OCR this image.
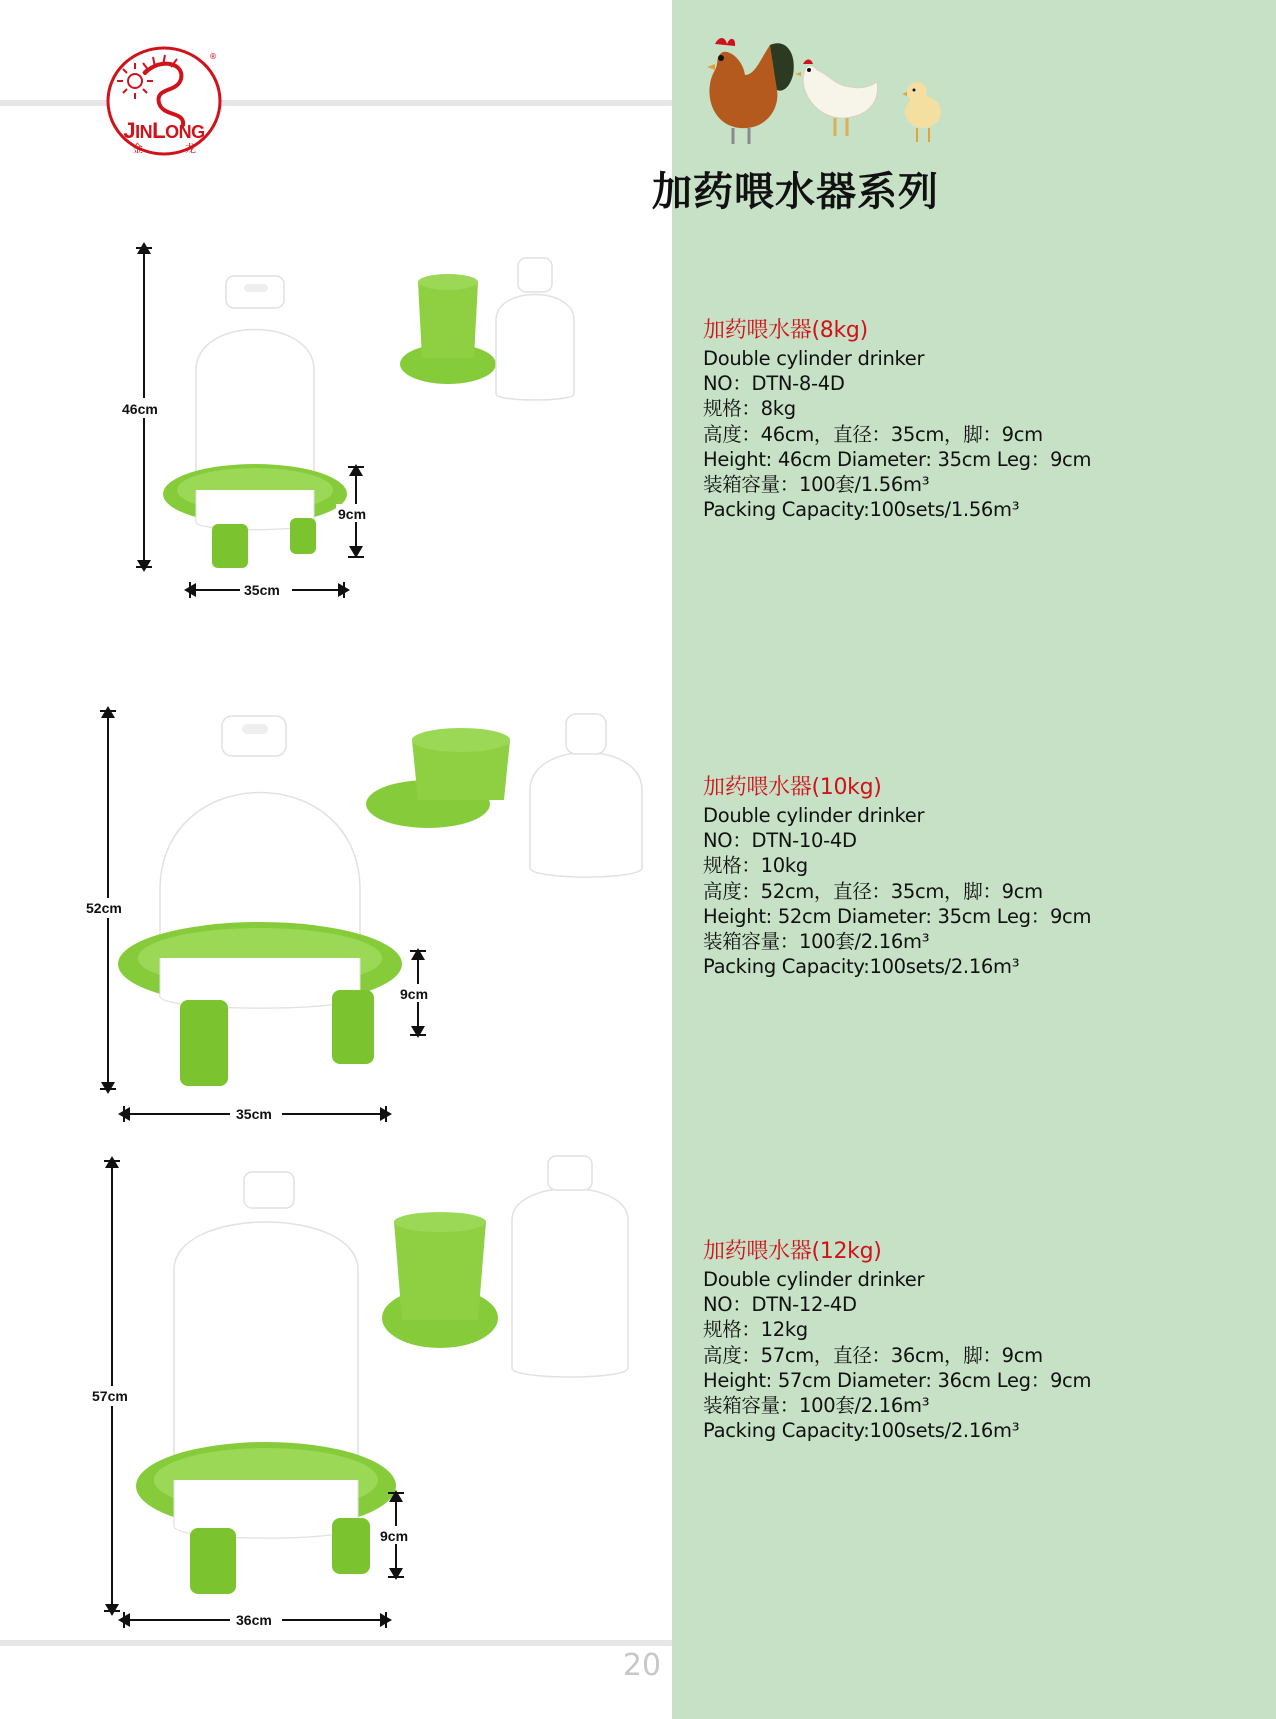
®
JINLONG
金	龙
加药喂水器系列
46cm
9cm
35cm
52cm
9cm
35cm
57cm
9cm
36cm
加药喂水器(8kg)
Double cylinder drinker
NO：DTN-8-4D
规格：8kg
高度：46cm，直径：35cm，脚：9cm
Height: 46cm Diameter: 35cm Leg：9cm
装箱容量：100套/1.56m³
Packing Capacity:100sets/1.56m³
加药喂水器(10kg)
Double cylinder drinker
NO：DTN-10-4D
规格：10kg
高度：52cm，直径：35cm，脚：9cm
Height: 52cm Diameter: 35cm Leg：9cm
装箱容量：100套/2.16m³
Packing Capacity:100sets/2.16m³
加药喂水器(12kg)
Double cylinder drinker
NO：DTN-12-4D
规格：12kg
高度：57cm，直径：36cm，脚：9cm
Height: 57cm Diameter: 36cm Leg：9cm
装箱容量：100套/2.16m³
Packing Capacity:100sets/2.16m³
20
